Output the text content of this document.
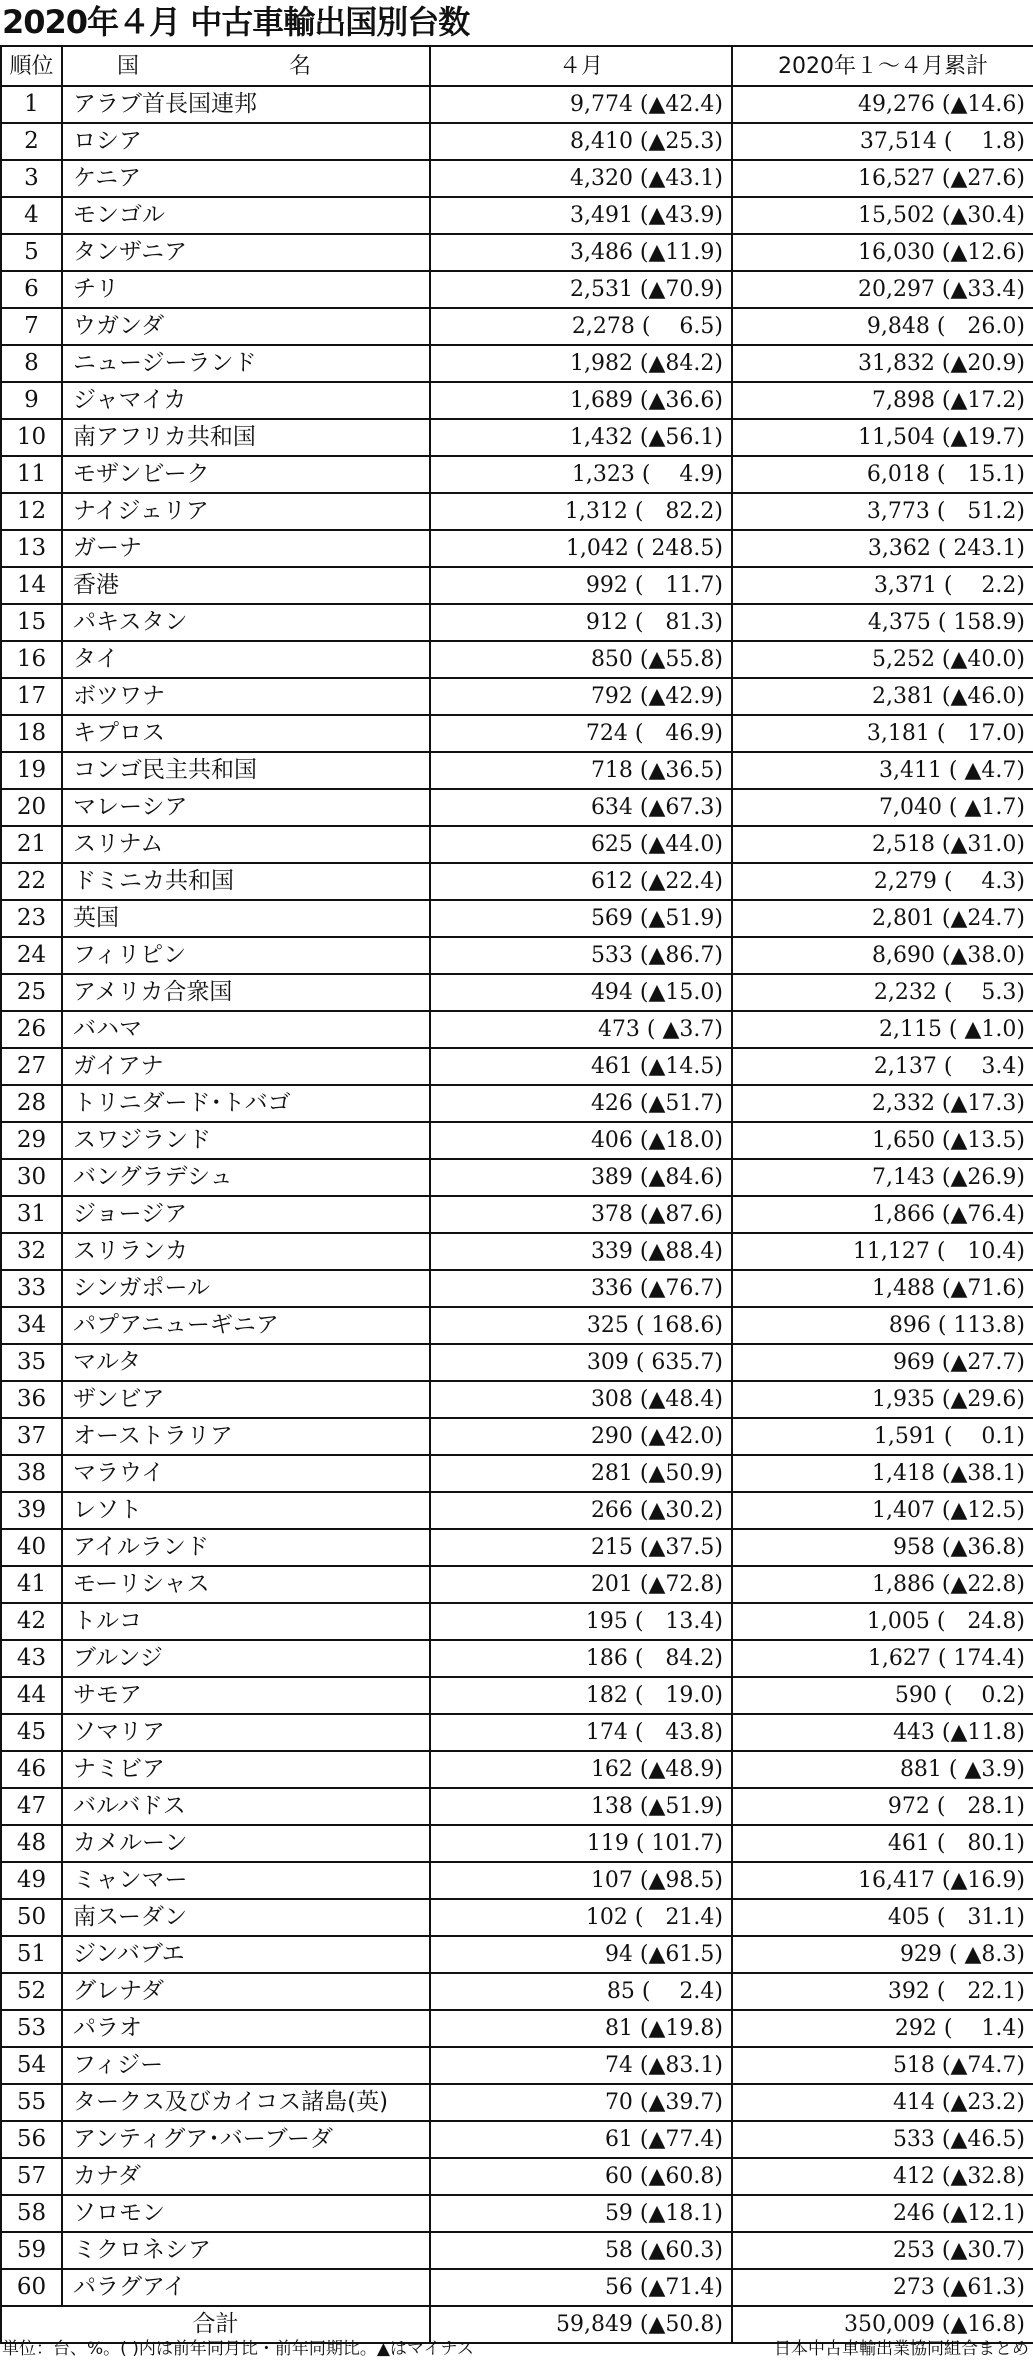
2020年４月 中古車輸出国別台数
順位	国　名	４月	2020年１～４月累計
1	アラブ首長国連邦	9,774 (▲42.4)	49,276 (▲14.6)
2	ロシア	8,410 (▲25.3)	37,514 (　 1.8)
3	ケニア	4,320 (▲43.1)	16,527 (▲27.6)
4	モンゴル	3,491 (▲43.9)	15,502 (▲30.4)
5	タンザニア	3,486 (▲11.9)	16,030 (▲12.6)
6	チリ	2,531 (▲70.9)	20,297 (▲33.4)
7	ウガンダ	2,278 (　 6.5)	9,848 (　26.0)
8	ニュージーランド	1,982 (▲84.2)	31,832 (▲20.9)
9	ジャマイカ	1,689 (▲36.6)	7,898 (▲17.2)
10	南アフリカ共和国	1,432 (▲56.1)	11,504 (▲19.7)
11	モザンビーク	1,323 (　 4.9)	6,018 (　15.1)
12	ナイジェリア	1,312 (　82.2)	3,773 (　51.2)
13	ガーナ	1,042 ( 248.5)	3,362 ( 243.1)
14	香港	992 (　11.7)	3,371 (　 2.2)
15	パキスタン	912 (　81.3)	4,375 ( 158.9)
16	タイ	850 (▲55.8)	5,252 (▲40.0)
17	ボツワナ	792 (▲42.9)	2,381 (▲46.0)
18	キプロス	724 (　46.9)	3,181 (　17.0)
19	コンゴ民主共和国	718 (▲36.5)	3,411 ( ▲4.7)
20	マレーシア	634 (▲67.3)	7,040 ( ▲1.7)
21	スリナム	625 (▲44.0)	2,518 (▲31.0)
22	ドミニカ共和国	612 (▲22.4)	2,279 (　 4.3)
23	英国	569 (▲51.9)	2,801 (▲24.7)
24	フィリピン	533 (▲86.7)	8,690 (▲38.0)
25	アメリカ合衆国	494 (▲15.0)	2,232 (　 5.3)
26	バハマ	473 ( ▲3.7)	2,115 ( ▲1.0)
27	ガイアナ	461 (▲14.5)	2,137 (　 3.4)
28	トリニダード･トバゴ	426 (▲51.7)	2,332 (▲17.3)
29	スワジランド	406 (▲18.0)	1,650 (▲13.5)
30	バングラデシュ	389 (▲84.6)	7,143 (▲26.9)
31	ジョージア	378 (▲87.6)	1,866 (▲76.4)
32	スリランカ	339 (▲88.4)	11,127 (　10.4)
33	シンガポール	336 (▲76.7)	1,488 (▲71.6)
34	パプアニューギニア	325 ( 168.6)	896 ( 113.8)
35	マルタ	309 ( 635.7)	969 (▲27.7)
36	ザンビア	308 (▲48.4)	1,935 (▲29.6)
37	オーストラリア	290 (▲42.0)	1,591 (　 0.1)
38	マラウイ	281 (▲50.9)	1,418 (▲38.1)
39	レソト	266 (▲30.2)	1,407 (▲12.5)
40	アイルランド	215 (▲37.5)	958 (▲36.8)
41	モーリシャス	201 (▲72.8)	1,886 (▲22.8)
42	トルコ	195 (　13.4)	1,005 (　24.8)
43	ブルンジ	186 (　84.2)	1,627 ( 174.4)
44	サモア	182 (　19.0)	590 (　 0.2)
45	ソマリア	174 (　43.8)	443 (▲11.8)
46	ナミビア	162 (▲48.9)	881 ( ▲3.9)
47	バルバドス	138 (▲51.9)	972 (　28.1)
48	カメルーン	119 ( 101.7)	461 (　80.1)
49	ミャンマー	107 (▲98.5)	16,417 (▲16.9)
50	南スーダン	102 (　21.4)	405 (　31.1)
51	ジンバブエ	94 (▲61.5)	929 ( ▲8.3)
52	グレナダ	85 (　 2.4)	392 (　22.1)
53	パラオ	81 (▲19.8)	292 (　 1.4)
54	フィジー	74 (▲83.1)	518 (▲74.7)
55	タークス及びカイコス諸島(英)	70 (▲39.7)	414 (▲23.2)
56	アンティグア･バーブーダ	61 (▲77.4)	533 (▲46.5)
57	カナダ	60 (▲60.8)	412 (▲32.8)
58	ソロモン	59 (▲18.1)	246 (▲12.1)
59	ミクロネシア	58 (▲60.3)	253 (▲30.7)
60	パラグアイ	56 (▲71.4)	273 (▲61.3)
合計		59,849 (▲50.8)	350,009 (▲16.8)
単位：台、%。( )内は前年同月比・前年同期比。▲はマイナス	日本中古車輸出業協同組合まとめ
